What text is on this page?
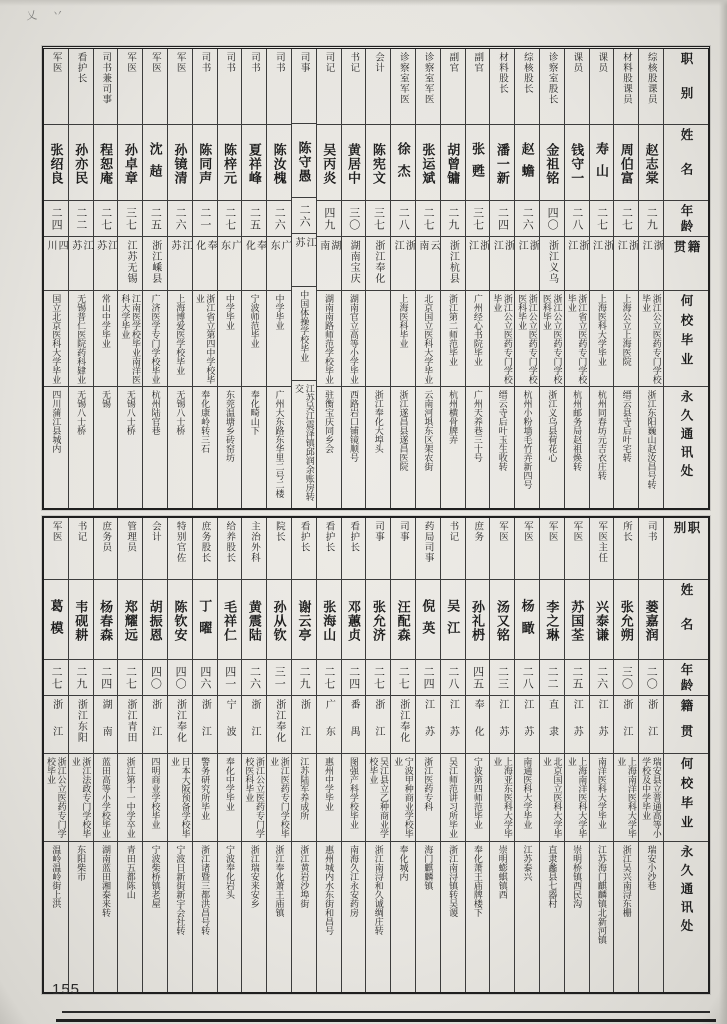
乂 丷
职别
姓名
年龄
籍贯
何校毕业
永久通讯处
综核股课员
赵志棠
二九
浙江
浙江公立医药专门学校毕业
浙江东阳巍山赵汝昌号转
材料股课员
周伯富
二七
浙江
上海公立上海医院
缙云县寺后叶宅转
课员
寿山
二七
浙江
上海医科大学毕业
杭州同春坊元吉衣庄转
课员
钱守一
二八
浙江
浙江省立医药专门学校毕业
杭州邮务局赵祖焕转
诊察室股长
金祖铭
四〇
浙江义乌
浙江公立医药专门学校医科毕业
浙江义乌县荷花心
综核股长
赵蟾
二六
浙江
浙江公立医药专门学校医科毕业
杭州小粉墙毛竹弄新四号
材料股长
潘一新
二四
浙江
浙江公立医药专门学校毕业
缙云寺后叶玉生收转
副官
张甦
三七
浙江
广州经心书院毕业
广州天养巷三十号
副官
胡曾镛
二九
浙江杭县
浙江第二师范毕业
杭州横骨牌弄
诊察室军医
张运斌
二七
云南
北京国立医科大学毕业
云南河埧东区架农街
诊察室军医
徐杰
二八
浙江
上海医科毕业
浙江遂昌县遂昌医院
会计
陈宪文
三七
浙江奉化
浙江奉化大埠头
书记
黄居中
三〇
湖南宝庆
湖南官立高等小学毕业
西路岩口铺镜顺号
司记
吴丙炎
四九
湖南
湖南南路师范学校毕业
驻衡宝庆同乡会
司事
陈守愚
二六
江苏
中国体操学校毕业
江苏吴江震泽镇邱润余账房转交
司书
陈汝槐
二六
广东
中学毕业
广州大东路东华里二号二楼
司书
夏祥峰
二五
奉化
宁波师范毕业
奉化畸山下
司书
陈梓元
二七
广东
中学毕业
东莞温塘乡砖窑坊
司书
陈同声
二一
奉化
浙江省立第四中学校毕业
奉化康岭转三石
军医
孙镜清
二六
江苏
上海博爱医学校毕业
无锡八士桥
军医
沈趌
二五
浙江嵊县
广济医学专门学校毕业
杭州陆官巷
军医
孙卓章
三七
江苏无锡
江南医学校毕业南洋医科大学毕业
无锡八士桥
司书兼司事
程恕庵
二七
江苏
常山中学毕业
无锡
看护长
孙亦民
二二
江苏
无锡普仁医院药科肄业
无锡八士桥
军医
张绍良
二四
四川
国立北京医科大学毕业
四川蒲江县城内
职别
姓名
年龄
籍贯
何校毕业
永久通讯处
司书
蒌嘉润
二〇
浙江
瑞安县立普通高等小学校及中学毕业
瑞安小沙巷
所长
张允朔
三〇
浙江
上海南洋医科大学毕业
浙江吴兴南浔东栅
军医主任
兴泰谦
二六
江苏
南洋医科大学毕业
江苏海门麒麟镇北新河镇
军医
苏国荃
二五
江苏
上海南洋医科大学毕业
崇明桥镇西民沟
军医
李之琳
二二
直隶
北京国立医科大学毕业
直隶蠡县七器村
军医
杨瞰
二八
江苏
南通医科大学毕业
江苏泰兴
军医
汤又铭
二三
江苏
上海亚东医科大学毕业
崇明蟛蜞镇西
庶务
孙礼枬
四五
奉化
宁波第四师范毕业
奉化萧王庙牌楼下
书记
吴江
二八
江苏
吴江师范讲习所毕业
浙江南浔镇转吴谡
药局司事
倪英
二四
江苏
浙江医药专科
海门麒麟镇
司事
汪配森
二七
浙江奉化
宁波甲种商业学校毕业
奉化城内
司事
张允济
二七
浙江
吴江县立乙种商业学校毕业
浙江南浔和久诚绸庄转
看护长
邓蕙贞
二四
番禺
图强产科学校毕业
南海久江永安药房
看护长
张海山
二七
广东
惠州中学毕业
惠州城内水东街和昌号
看护长
谢云亭
二九
浙江
江苏陆军养成所
浙江黄岩沙埠街
院长
孙从钦
三一
浙江奉化
浙江医药专门学校毕业
浙江奉化萧王庙镇
主治外科
黄震陆
二六
浙江
浙江公立医药专门学校医科毕业
浙江瑞安来安乡
给养股长
毛祥仁
四一
宁波
奉化中学毕业
宁波奉化岩头
庶务股长
丁曜
四六
浙江
警务研究所毕业
浙江诸暨三都洪昌号转
特别官佐
陈钦安
四〇
浙江奉化
日本大阪预备学校毕业
宁波日新街新宇会社转
会计
胡振恩
四〇
浙江
四明商业学校毕业
宁波柴桥镇老屋
管理员
郑耀远
二七
浙江青田
浙江第十一中学卒业
青田五都陈山
庶务员
杨春森
二四
湖南
蓝田高等小学校毕业
湖南蓝田湘泰来转
书记
韦砚耕
二九
浙江东阳
浙江法政专门学校毕业
东阳柴市
军医
葛模
二七
浙江
浙江公立医药专门学校毕业
温岭温岭街上洪
155
